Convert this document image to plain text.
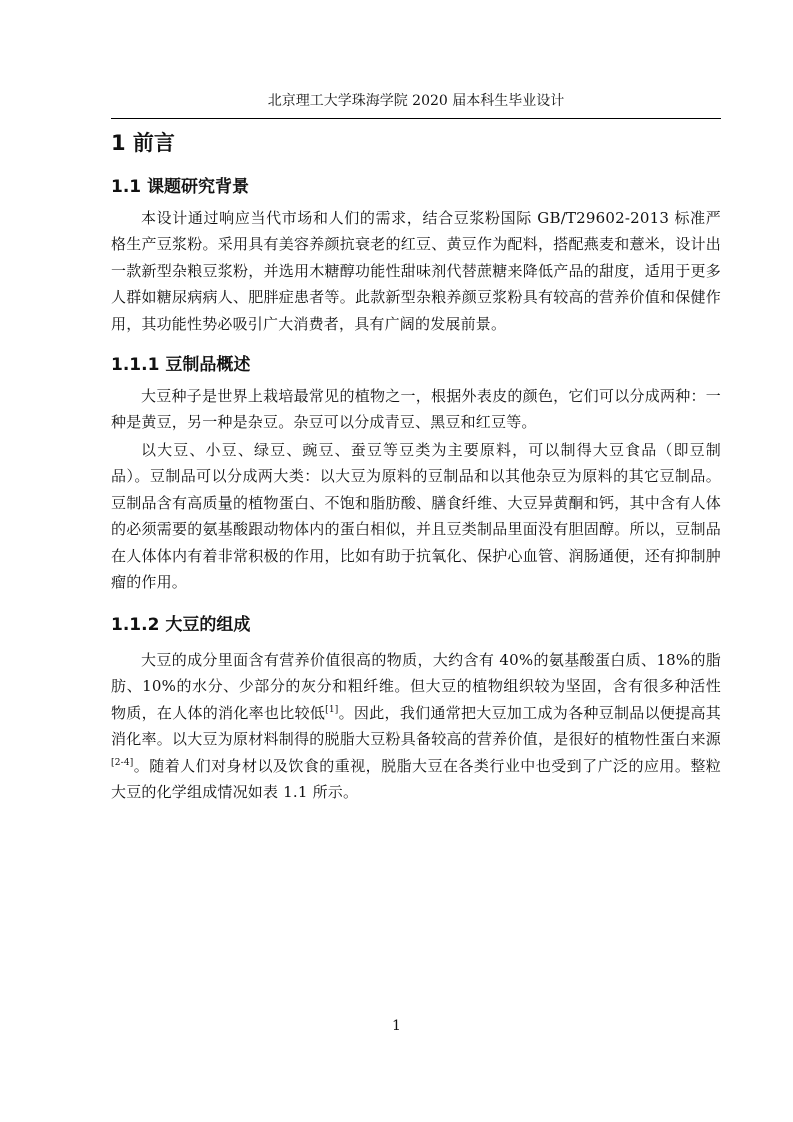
北京理工大学珠海学院 2020 届本科生毕业设计
1 前言
1.1 课题研究背景

本设计通过响应当代市场和人们的需求，结合豆浆粉国际 GB/T29602-2013 标准严格生产豆浆粉。采用具有美容养颜抗衰老的红豆、黄豆作为配料，搭配燕麦和薏米，设计出一款新型杂粮豆浆粉，并选用木糖醇功能性甜味剂代替蔗糖来降低产品的甜度，适用于更多人群如糖尿病病人、肥胖症患者等。此款新型杂粮养颜豆浆粉具有较高的营养价值和保健作用，其功能性势必吸引广大消费者，具有广阔的发展前景。

1.1.1 豆制品概述

大豆种子是世界上栽培最常见的植物之一，根据外表皮的颜色，它们可以分成两种：一种是黄豆，另一种是杂豆。杂豆可以分成青豆、黑豆和红豆等。

以大豆、小豆、绿豆、豌豆、蚕豆等豆类为主要原料，可以制得大豆食品（即豆制品）。豆制品可以分成两大类：以大豆为原料的豆制品和以其他杂豆为原料的其它豆制品。豆制品含有高质量的植物蛋白、不饱和脂肪酸、膳食纤维、大豆异黄酮和钙，其中含有人体的必须需要的氨基酸跟动物体内的蛋白相似，并且豆类制品里面没有胆固醇。所以，豆制品在人体体内有着非常积极的作用，比如有助于抗氧化、保护心血管、润肠通便，还有抑制肿瘤的作用。

1.1.2 大豆的组成

大豆的成分里面含有营养价值很高的物质，大约含有 40%的氨基酸蛋白质、18%的脂肪、10%的水分、少部分的灰分和粗纤维。但大豆的植物组织较为坚固，含有很多种活性物质，在人体的消化率也比较低[1]。因此，我们通常把大豆加工成为各种豆制品以便提高其消化率。以大豆为原材料制得的脱脂大豆粉具备较高的营养价值，是很好的植物性蛋白来源[2-4]。随着人们对身材以及饮食的重视，脱脂大豆在各类行业中也受到了广泛的应用。整粒大豆的化学组成情况如表 1.1 所示。

1
